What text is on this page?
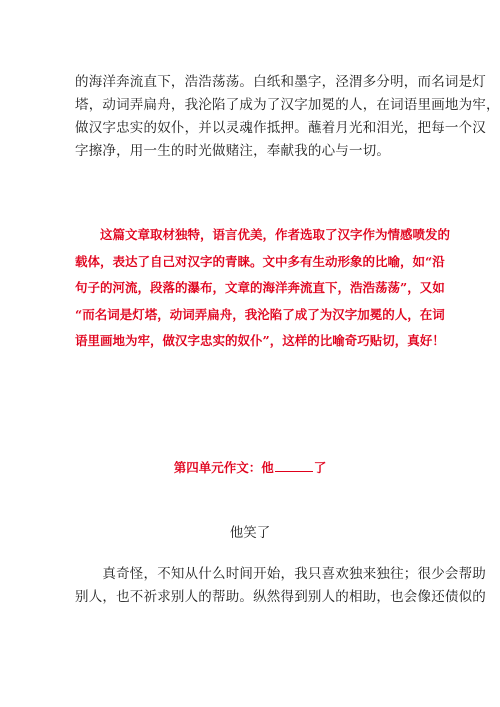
的海洋奔流直下，浩浩荡荡。白纸和墨字，泾渭多分明，而名词是灯
塔，动词弄扁舟，我沦陷了成为了汉字加冕的人，在词语里画地为牢，
做汉字忠实的奴仆，并以灵魂作抵押。蘸着月光和泪光，把每一个汉
字擦净，用一生的时光做赌注，奉献我的心与一切。

　　这篇文章取材独特，语言优美，作者选取了汉字作为情感喷发的
载体，表达了自己对汉字的青睐。文中多有生动形象的比喻，如“沿
句子的河流，段落的瀑布，文章的海洋奔流直下，浩浩荡荡”，又如
“而名词是灯塔，动词弄扁舟，我沦陷了成了为汉字加冕的人，在词
语里画地为牢，做汉字忠实的奴仆”，这样的比喻奇巧贴切，真好！

第四单元作文：他	了
他笑了

　　真奇怪，不知从什么时间开始，我只喜欢独来独往；很少会帮助
别人，也不祈求别人的帮助。纵然得到别人的相助，也会像还债似的
